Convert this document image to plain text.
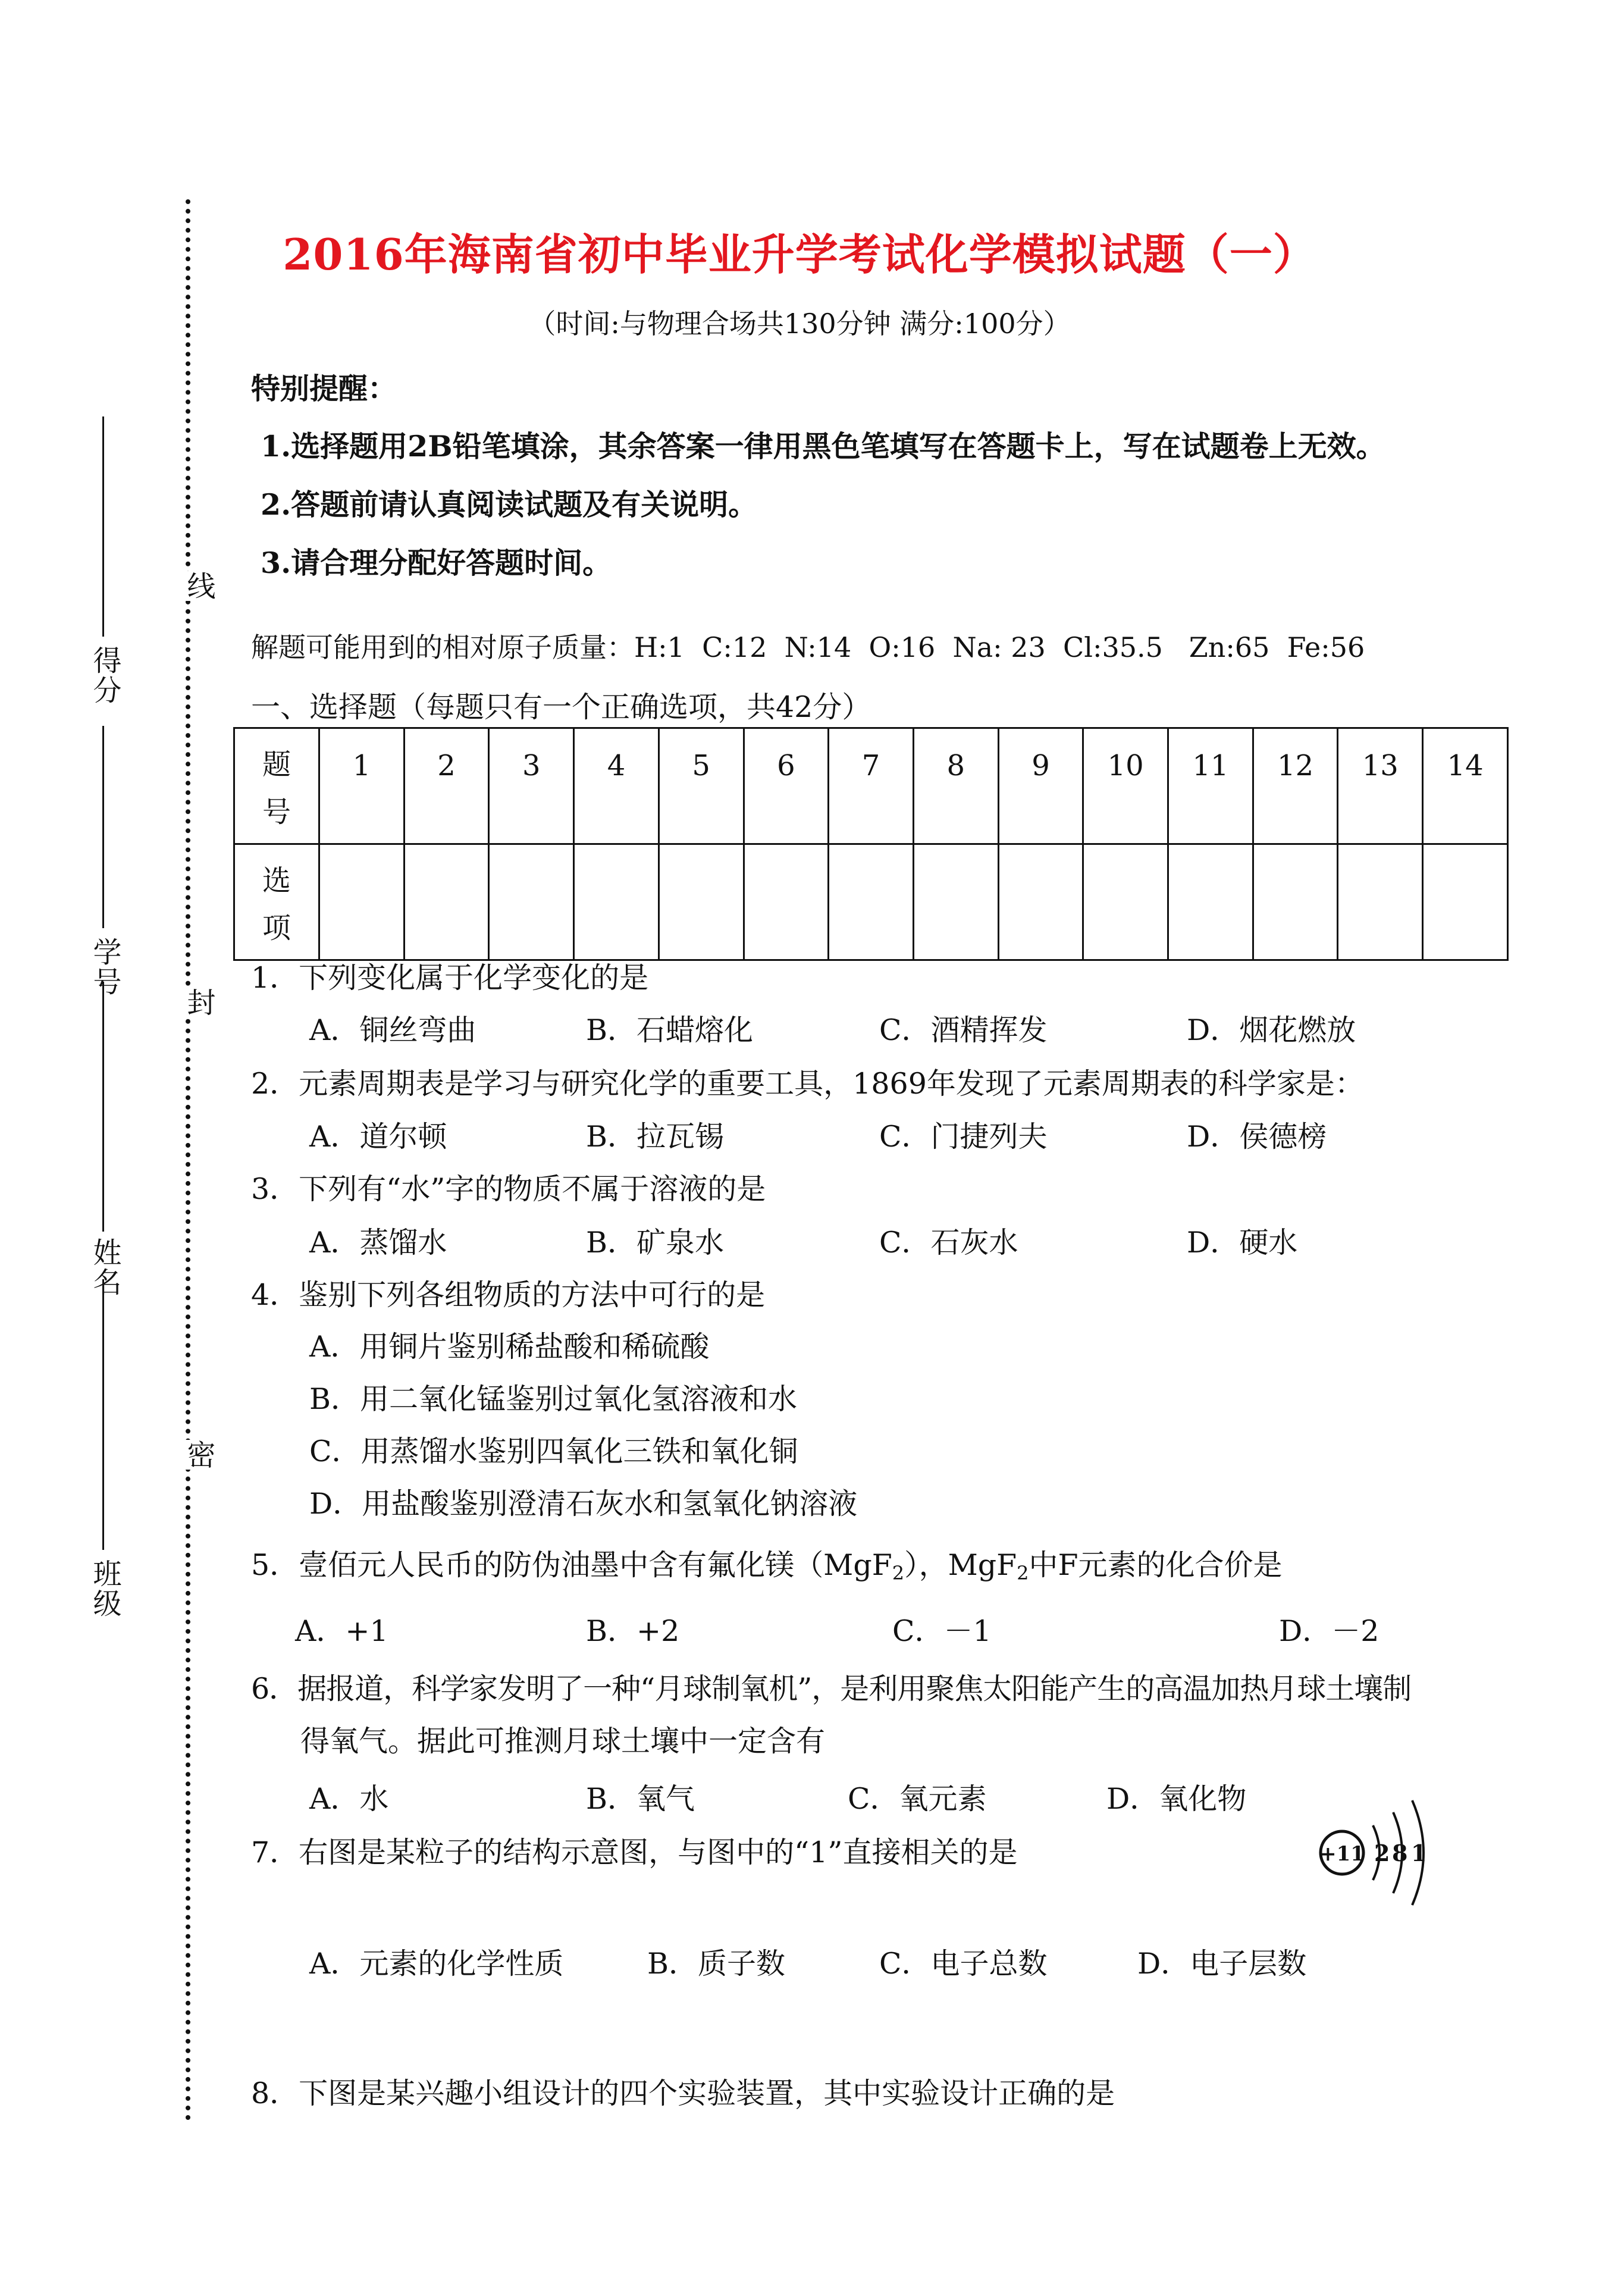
班级
姓名
学号
得分
线
封
密
2016年海南省初中毕业升学考试化学模拟试题（一）
（时间:与物理合场共130分钟 满分:100分）
特别提醒：
1.选择题用2B铅笔填涂，其余答案一律用黑色笔填写在答题卡上，写在试题卷上无效。
2.答题前请认真阅读试题及有关说明。
3.请合理分配好答题时间。
解题可能用到的相对原子质量：H:1  C:12  N:14  O:16  Na: 23  Cl:35.5   Zn:65  Fe:56
一、选择题（每题只有一个正确选项，共42分）
题号	1	2	3	4	5	6	7	8	9	10	11	12	13	14
选项														
1．下列变化属于化学变化的是
A．铜丝弯曲	B．石蜡熔化	C．酒精挥发	D．烟花燃放
2．元素周期表是学习与研究化学的重要工具，1869年发现了元素周期表的科学家是：
A．道尔顿	B．拉瓦锡	C．门捷列夫	D．侯德榜
3．下列有“水”字的物质不属于溶液的是
A．蒸馏水	B．矿泉水	C．石灰水	D．硬水
4．鉴别下列各组物质的方法中可行的是
A．用铜片鉴别稀盐酸和稀硫酸
B．用二氧化锰鉴别过氧化氢溶液和水
C．用蒸馏水鉴别四氧化三铁和氧化铜
D．用盐酸鉴别澄清石灰水和氢氧化钠溶液
5．壹佰元人民币的防伪油墨中含有氟化镁（MgF$_2$），MgF$_2$中F元素的化合价是
A．+1	B．+2	C．－1	D．－2
6．据报道，科学家发明了一种“月球制氧机”，是利用聚焦太阳能产生的高温加热月球土壤制
得氧气。据此可推测月球土壤中一定含有
A．水	B．氧气	C．氧元素	D．氧化物
7．右图是某粒子的结构示意图，与图中的“1”直接相关的是	+11 2 8 1
A．元素的化学性质	B．质子数	C．电子总数	D．电子层数
8．下图是某兴趣小组设计的四个实验装置，其中实验设计正确的是
